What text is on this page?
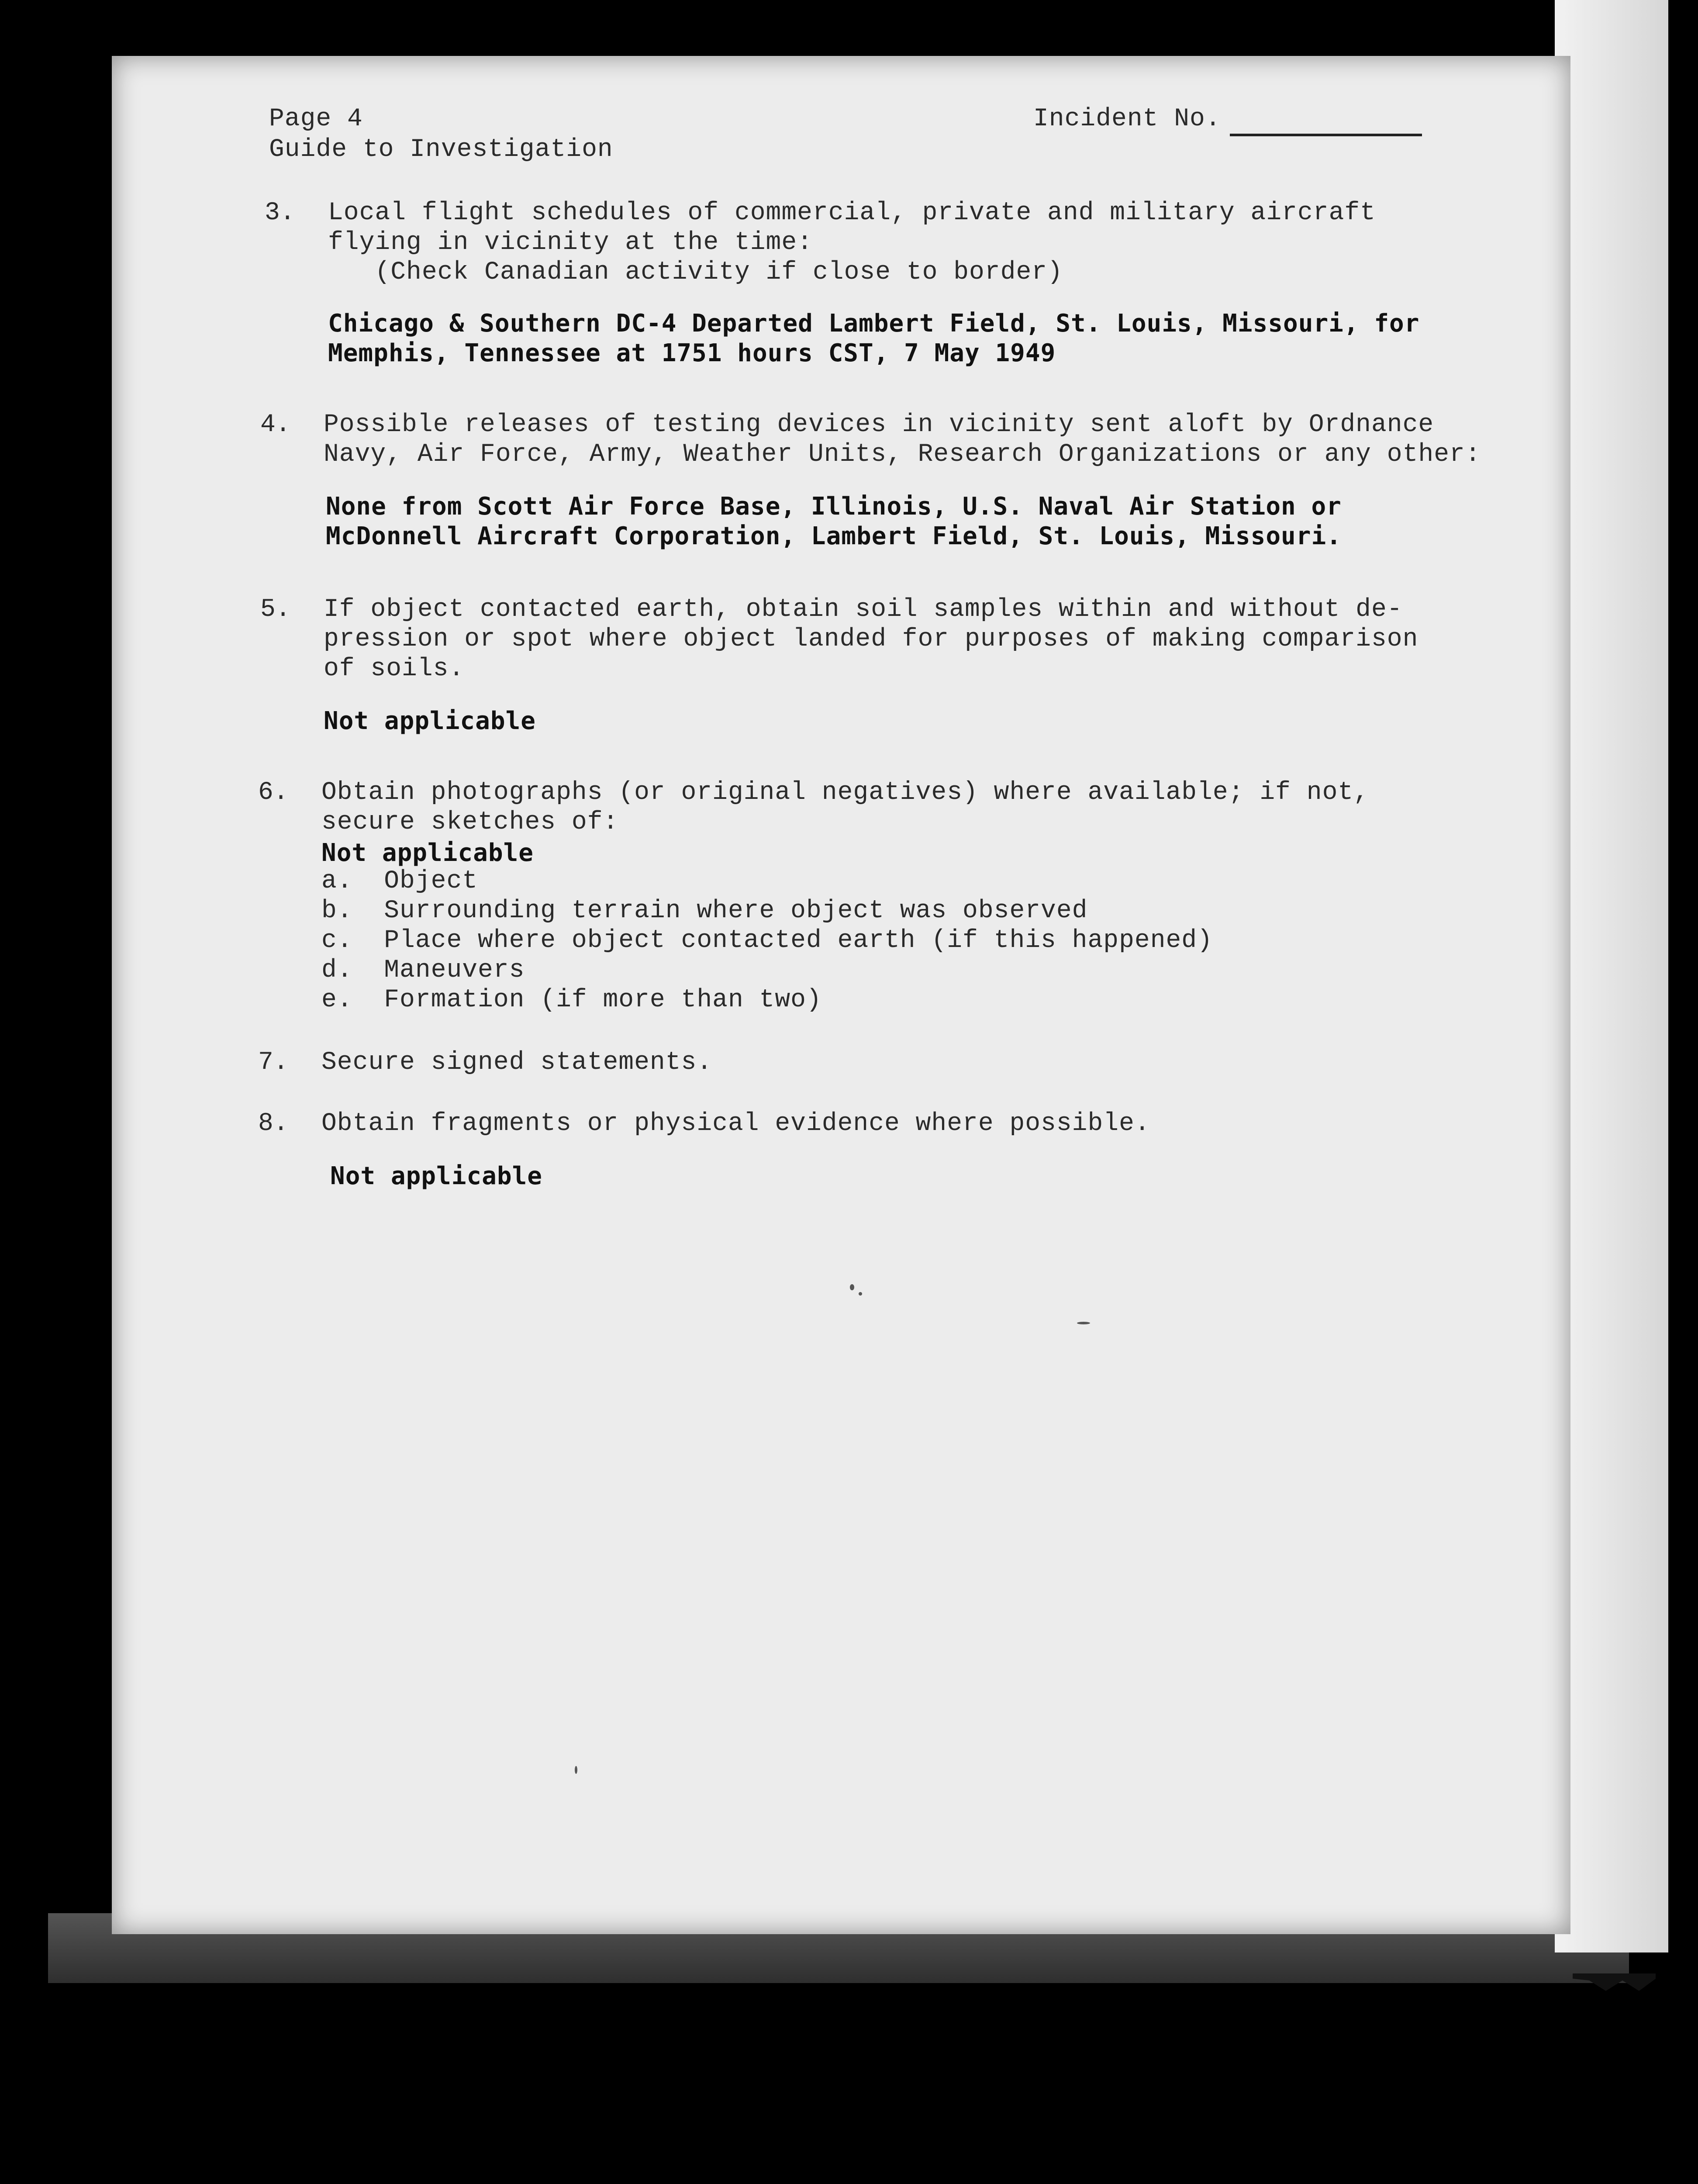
Page 4
Guide to Investigation
Incident No.
3. Local flight schedules of commercial, private and military aircraft
flying in vicinity at the time:
(Check Canadian activity if close to border)
Chicago & Southern DC-4 Departed Lambert Field, St. Louis, Missouri, for
Memphis, Tennessee at 1751 hours CST, 7 May 1949
4. Possible releases of testing devices in vicinity sent aloft by Ordnance
Navy, Air Force, Army, Weather Units, Research Organizations or any other:
None from Scott Air Force Base, Illinois, U.S. Naval Air Station or
McDonnell Aircraft Corporation, Lambert Field, St. Louis, Missouri.
5. If object contacted earth, obtain soil samples within and without de-
pression or spot where object landed for purposes of making comparison
of soils.
Not applicable
6. Obtain photographs (or original negatives) where available; if not,
secure sketches of:
Not applicable
a.  Object
b.  Surrounding terrain where object was observed
c.  Place where object contacted earth (if this happened)
d.  Maneuvers
e.  Formation (if more than two)
7. Secure signed statements.
8. Obtain fragments or physical evidence where possible.
Not applicable
